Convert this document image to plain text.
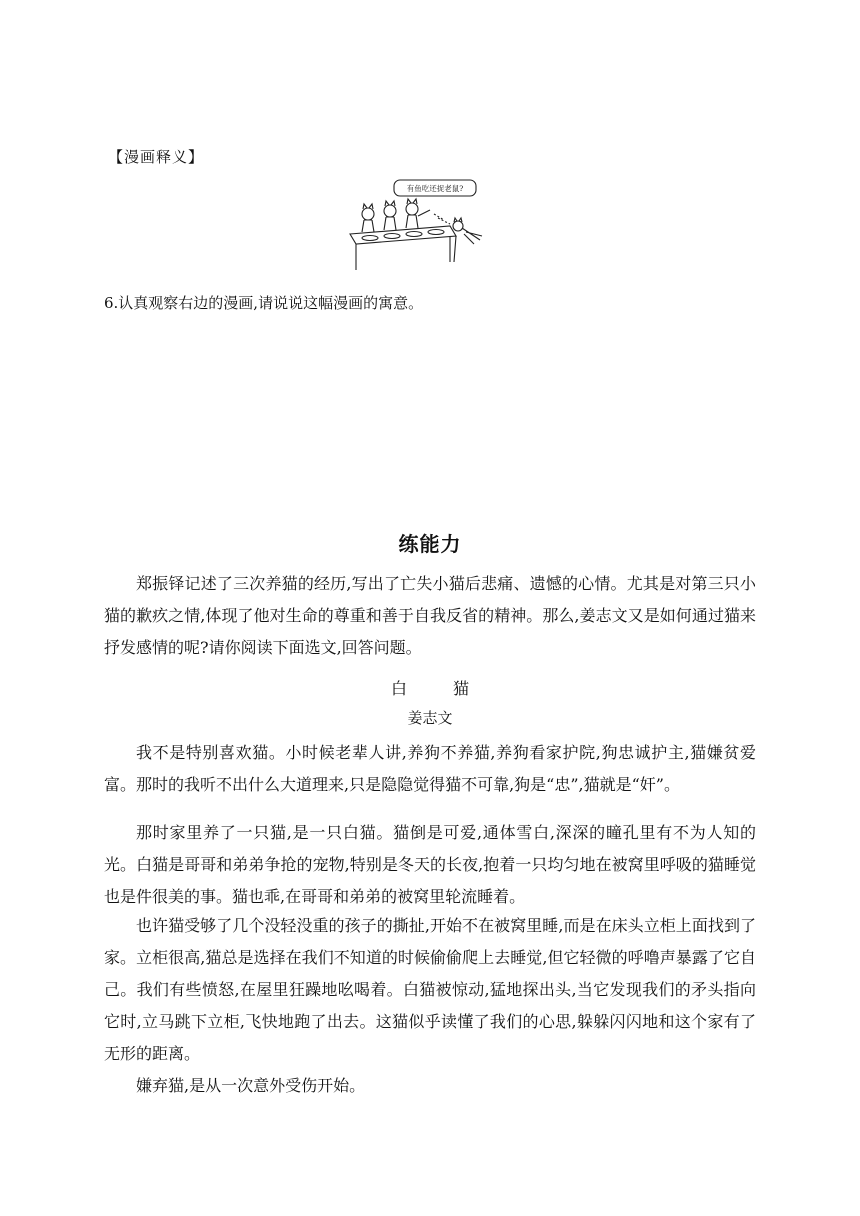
【漫画释义】
有鱼吃还捉老鼠?
6.认真观察右边的漫画,请说说这幅漫画的寓意。
练能力

郑振铎记述了三次养猫的经历,写出了亡失小猫后悲痛、遗憾的心情。尤其是对第三只小猫的歉疚之情,体现了他对生命的尊重和善于自我反省的精神。那么,姜志文又是如何通过猫来抒发感情的呢?请你阅读下面选文,回答问题。

白	猫
姜志文

我不是特别喜欢猫。小时候老辈人讲,养狗不养猫,养狗看家护院,狗忠诚护主,猫嫌贫爱富。那时的我听不出什么大道理来,只是隐隐觉得猫不可靠,狗是“忠”,猫就是“奸”。

那时家里养了一只猫,是一只白猫。猫倒是可爱,通体雪白,深深的瞳孔里有不为人知的光。白猫是哥哥和弟弟争抢的宠物,特别是冬天的长夜,抱着一只均匀地在被窝里呼吸的猫睡觉也是件很美的事。猫也乖,在哥哥和弟弟的被窝里轮流睡着。

也许猫受够了几个没轻没重的孩子的撕扯,开始不在被窝里睡,而是在床头立柜上面找到了家。立柜很高,猫总是选择在我们不知道的时候偷偷爬上去睡觉,但它轻微的呼噜声暴露了它自己。我们有些愤怒,在屋里狂躁地吆喝着。白猫被惊动,猛地探出头,当它发现我们的矛头指向它时,立马跳下立柜,飞快地跑了出去。这猫似乎读懂了我们的心思,躲躲闪闪地和这个家有了无形的距离。

嫌弃猫,是从一次意外受伤开始。
